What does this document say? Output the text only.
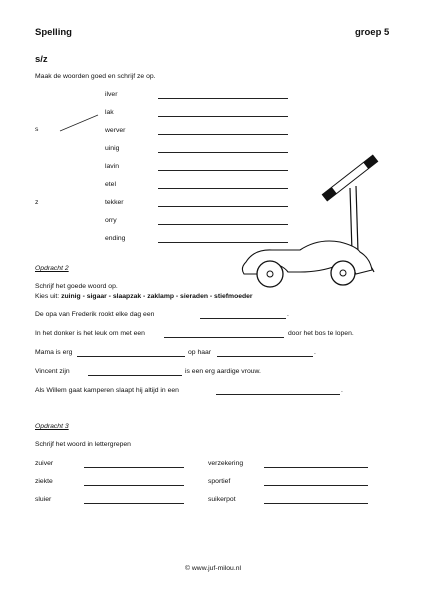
Spelling	groep 5
s/z
Maak de woorden goed en schrijf ze op.
s
z
ilver
lak
werver
uinig
lavin
etel
tekker
orry
ending
Opdracht 2
Schrijf het goede woord op.
Kies uit: zuinig - sigaar - slaapzak - zaklamp - sieraden - stiefmoeder
De opa van Frederik rookt elke dag een	.
In het donker is het leuk om met een	door het bos te lopen.
Mama is erg	op haar	.
Vincent zijn	is een erg aardige vrouw.
Als Willem gaat kamperen slaapt hij altijd in een	.
Opdracht 3
Schrijf het woord in lettergrepen
zuiver
ziekte
sluier
verzekering
sportief
suikerpot
© www.juf-milou.nl
